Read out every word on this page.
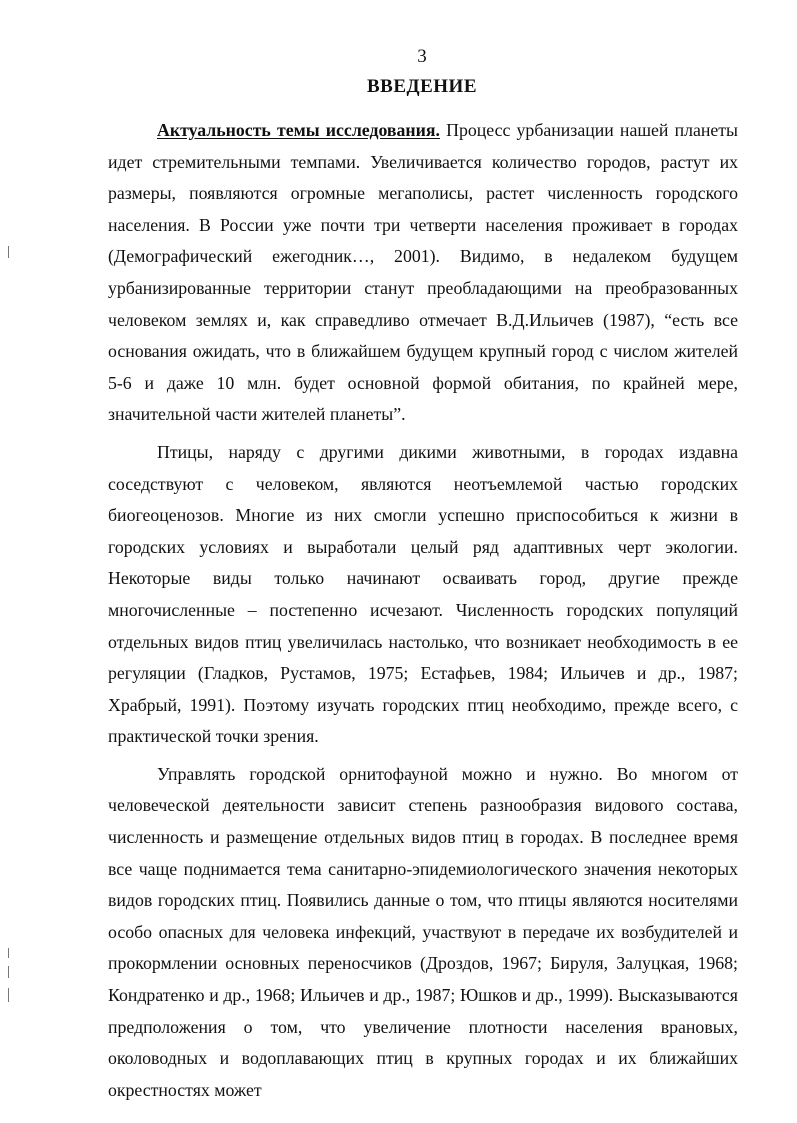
3
ВВЕДЕНИЕ

Актуальность темы исследования. Процесс урбанизации нашей планеты идет стремительными темпами. Увеличивается количество городов, растут их размеры, появляются огромные мегаполисы, растет численность городского населения. В России уже почти три четверти населения проживает в городах (Демографический ежегодник…, 2001). Видимо, в недалеком будущем урбанизированные территории станут преобладающими на преобразованных человеком землях и, как справедливо отмечает В.Д.Ильичев (1987), “есть все основания ожидать, что в ближайшем будущем крупный город с числом жителей 5-6 и даже 10 млн. будет основной формой обитания, по крайней мере, значительной части жителей планеты”.

Птицы, наряду с другими дикими животными, в городах издавна соседствуют с человеком, являются неотъемлемой частью городских биогеоценозов. Многие из них смогли успешно приспособиться к жизни в городских условиях и выработали целый ряд адаптивных черт экологии. Некоторые виды только начинают осваивать город, другие прежде многочисленные – постепенно исчезают. Численность городских популяций отдельных видов птиц увеличилась настолько, что возникает необходимость в ее регуляции (Гладков, Рустамов, 1975; Естафьев, 1984; Ильичев и др., 1987; Храбрый, 1991). Поэтому изучать городских птиц необходимо, прежде всего, с практической точки зрения.

Управлять городской орнитофауной можно и нужно. Во многом от человеческой деятельности зависит степень разнообразия видового состава, численность и размещение отдельных видов птиц в городах. В последнее время все чаще поднимается тема санитарно-эпидемиологического значения некоторых видов городских птиц. Появились данные о том, что птицы являются носителями особо опасных для человека инфекций, участвуют в передаче их возбудителей и прокормлении основных переносчиков (Дроздов, 1967; Бируля, Залуцкая, 1968; Кондратенко и др., 1968; Ильичев и др., 1987; Юшков и др., 1999). Высказываются предположения о том, что увеличение плотности населения врановых, околоводных и водоплавающих птиц в крупных городах и их ближайших окрестностях может
